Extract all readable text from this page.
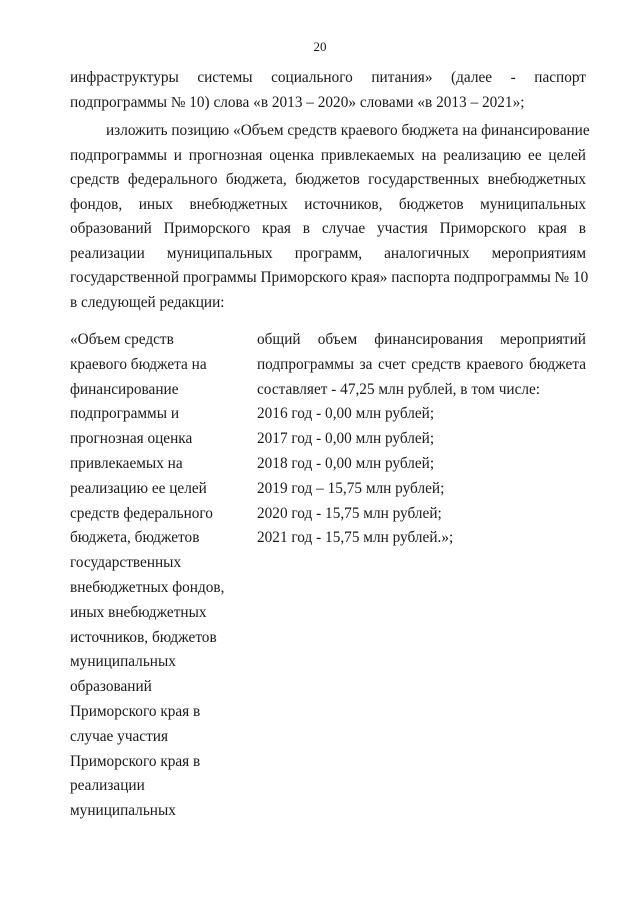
20
инфраструктуры системы социального питания» (далее - паспорт
подпрограммы № 10) слова «в 2013 – 2020» словами «в 2013 – 2021»;
изложить позицию «Объем средств краевого бюджета на финансирование
подпрограммы и прогнозная оценка привлекаемых на реализацию ее целей
средств федерального бюджета, бюджетов государственных внебюджетных
фондов, иных внебюджетных источников, бюджетов муниципальных
образований Приморского края в случае участия Приморского края в
реализации муниципальных программ, аналогичных мероприятиям
государственной программы Приморского края» паспорта подпрограммы № 10
в следующей редакции:
«Объем средств
краевого бюджета на
финансирование
подпрограммы и
прогнозная оценка
привлекаемых на
реализацию ее целей
средств федерального
бюджета, бюджетов
государственных
внебюджетных фондов,
иных внебюджетных
источников, бюджетов
муниципальных
образований
Приморского края в
случае участия
Приморского края в
реализации
муниципальных
общий объем финансирования мероприятий
подпрограммы за счет средств краевого бюджета
составляет - 47,25 млн рублей, в том числе:
2016 год - 0,00 млн рублей;
2017 год - 0,00 млн рублей;
2018 год - 0,00 млн рублей;
2019 год – 15,75 млн рублей;
2020 год - 15,75 млн рублей;
2021 год - 15,75 млн рублей.»;
